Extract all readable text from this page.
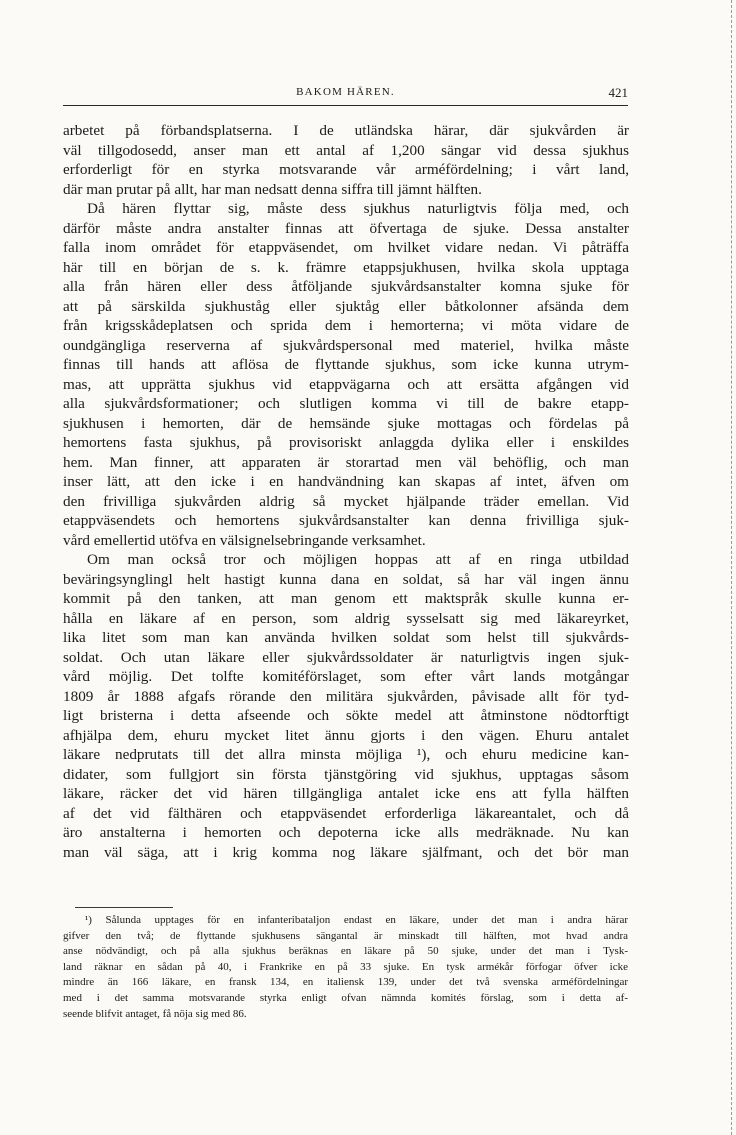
BAKOM HÄREN.	421
arbetet på förbandsplatserna. I de utländska härar, där sjukvården är
väl tillgodosedd, anser man ett antal af 1,200 sängar vid dessa sjukhus
erforderligt för en styrka motsvarande vår arméfördelning; i vårt land,
där man prutar på allt, har man nedsatt denna siffra till jämnt hälften.
Då hären flyttar sig, måste dess sjukhus naturligtvis följa med, och
därför måste andra anstalter finnas att öfvertaga de sjuke. Dessa anstalter
falla inom området för etappväsendet, om hvilket vidare nedan. Vi påträffa
här till en början de s. k. främre etappsjukhusen, hvilka skola upptaga
alla från hären eller dess åtföljande sjukvårdsanstalter komna sjuke för
att på särskilda sjukhuståg eller sjuktåg eller båtkolonner afsända dem
från krigsskådeplatsen och sprida dem i hemorterna; vi möta vidare de
oundgängliga reserverna af sjukvårdspersonal med materiel, hvilka måste
finnas till hands att aflösa de flyttande sjukhus, som icke kunna utrym-
mas, att upprätta sjukhus vid etappvägarna och att ersätta afgången vid
alla sjukvårdsformationer; och slutligen komma vi till de bakre etapp-
sjukhusen i hemorten, där de hemsände sjuke mottagas och fördelas på
hemortens fasta sjukhus, på provisoriskt anlaggda dylika eller i enskildes
hem. Man finner, att apparaten är storartad men väl behöflig, och man
inser lätt, att den icke i en handvändning kan skapas af intet, äfven om
den frivilliga sjukvården aldrig så mycket hjälpande träder emellan. Vid
etappväsendets och hemortens sjukvårdsanstalter kan denna frivilliga sjuk-
vård emellertid utöfva en välsignelsebringande verksamhet.
Om man också tror och möjligen hoppas att af en ringa utbildad
beväringsynglingl helt hastigt kunna dana en soldat, så har väl ingen ännu
kommit på den tanken, att man genom ett maktspråk skulle kunna er-
hålla en läkare af en person, som aldrig sysselsatt sig med läkareyrket,
lika litet som man kan använda hvilken soldat som helst till sjukvårds-
soldat. Och utan läkare eller sjukvårdssoldater är naturligtvis ingen sjuk-
vård möjlig. Det tolfte komitéförslaget, som efter vårt lands motgångar
1809 år 1888 afgafs rörande den militära sjukvården, påvisade allt för tyd-
ligt bristerna i detta afseende och sökte medel att åtminstone nödtorftigt
afhjälpa dem, ehuru mycket litet ännu gjorts i den vägen. Ehuru antalet
läkare nedprutats till det allra minsta möjliga ¹), och ehuru medicine kan-
didater, som fullgjort sin första tjänstgöring vid sjukhus, upptagas såsom
läkare, räcker det vid hären tillgängliga antalet icke ens att fylla hälften
af det vid fälthären och etappväsendet erforderliga läkareantalet, och då
äro anstalterna i hemorten och depoterna icke alls medräknade. Nu kan
man väl säga, att i krig komma nog läkare själfmant, och det bör man
¹) Sålunda upptages för en infanteribataljon endast en läkare, under det man i andra härar
gifver den två; de flyttande sjukhusens sängantal är minskadt till hälften, mot hvad andra
anse nödvändigt, och på alla sjukhus beräknas en läkare på 50 sjuke, under det man i Tysk-
land räknar en sådan på 40, i Frankrike en på 33 sjuke. En tysk armékår förfogar öfver icke
mindre än 166 läkare, en fransk 134, en italiensk 139, under det två svenska arméfördelningar
med i det samma motsvarande styrka enligt ofvan nämnda komités förslag, som i detta af-
seende blifvit antaget, få nöja sig med 86.
